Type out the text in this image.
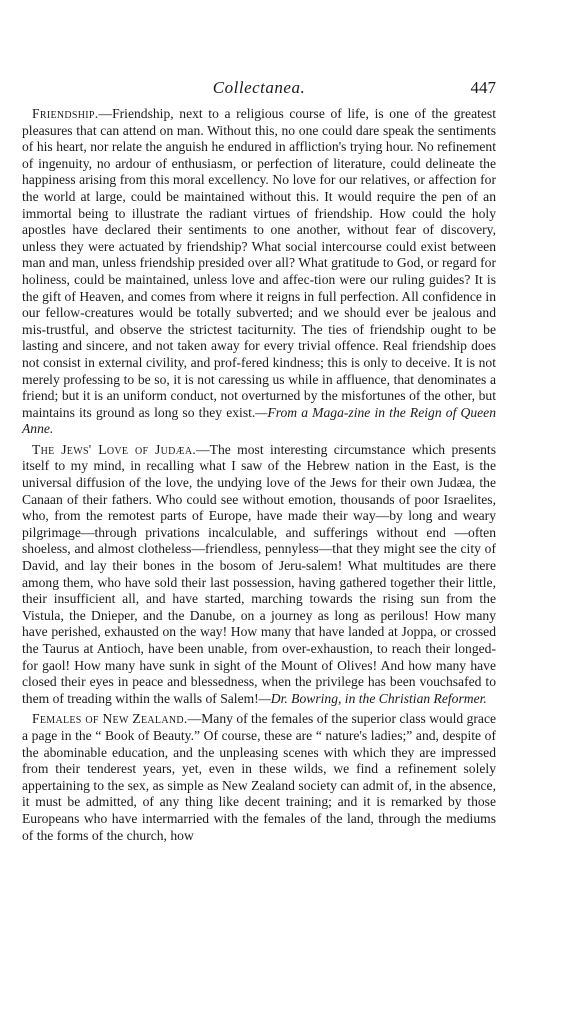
Collectanea.	447

Friendship.—Friendship, next to a religious course of life, is one of the greatest pleasures that can attend on man. Without this, no one could dare speak the sentiments of his heart, nor relate the anguish he endured in affliction's trying hour. No refinement of ingenuity, no ardour of enthusiasm, or perfection of literature, could delineate the happiness arising from this moral excellency. No love for our relatives, or affection for the world at large, could be maintained without this. It would require the pen of an immortal being to illustrate the radiant virtues of friendship. How could the holy apostles have declared their sentiments to one another, without fear of discovery, unless they were actuated by friendship? What social intercourse could exist between man and man, unless friendship presided over all? What gratitude to God, or regard for holiness, could be maintained, unless love and affec-tion were our ruling guides? It is the gift of Heaven, and comes from where it reigns in full perfection. All confidence in our fellow-creatures would be totally subverted; and we should ever be jealous and mis-trustful, and observe the strictest taciturnity. The ties of friendship ought to be lasting and sincere, and not taken away for every trivial offence. Real friendship does not consist in external civility, and prof-fered kindness; this is only to deceive. It is not merely professing to be so, it is not caressing us while in affluence, that denominates a friend; but it is an uniform conduct, not overturned by the misfortunes of the other, but maintains its ground as long so they exist.—From a Maga-zine in the Reign of Queen Anne.

The Jews' Love of Judæa.—The most interesting circumstance which presents itself to my mind, in recalling what I saw of the Hebrew nation in the East, is the universal diffusion of the love, the undying love of the Jews for their own Judæa, the Canaan of their fathers. Who could see without emotion, thousands of poor Israelites, who, from the remotest parts of Europe, have made their way—by long and weary pilgrimage—through privations incalculable, and sufferings without end —often shoeless, and almost clotheless—friendless, pennyless—that they might see the city of David, and lay their bones in the bosom of Jeru-salem! What multitudes are there among them, who have sold their last possession, having gathered together their little, their insufficient all, and have started, marching towards the rising sun from the Vistula, the Dnieper, and the Danube, on a journey as long as perilous! How many have perished, exhausted on the way! How many that have landed at Joppa, or crossed the Taurus at Antioch, have been unable, from over-exhaustion, to reach their longed-for gaol! How many have sunk in sight of the Mount of Olives! And how many have closed their eyes in peace and blessedness, when the privilege has been vouchsafed to them of treading within the walls of Salem!—Dr. Bowring, in the Christian Reformer.

Females of New Zealand.—Many of the females of the superior class would grace a page in the “ Book of Beauty.” Of course, these are “ nature's ladies;” and, despite of the abominable education, and the unpleasing scenes with which they are impressed from their tenderest years, yet, even in these wilds, we find a refinement solely appertaining to the sex, as simple as New Zealand society can admit of, in the absence, it must be admitted, of any thing like decent training; and it is remarked by those Europeans who have intermarried with the females of the land, through the mediums of the forms of the church, how
